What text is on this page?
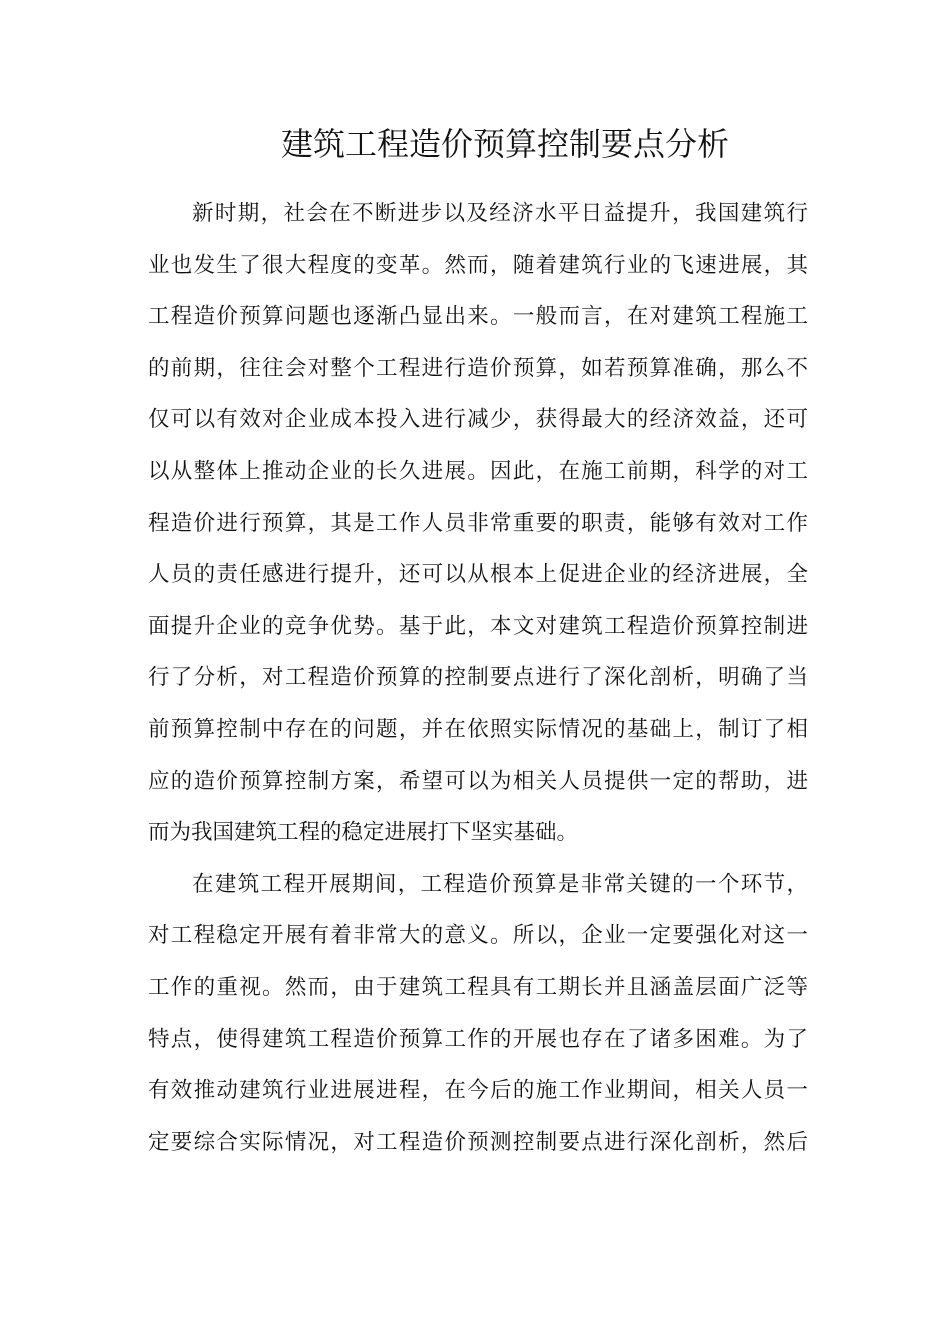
建筑工程造价预算控制要点分析
新时期，社会在不断进步以及经济水平日益提升，我国建筑行
业也发生了很大程度的变革。然而，随着建筑行业的飞速进展，其
工程造价预算问题也逐渐凸显出来。一般而言，在对建筑工程施工
的前期，往往会对整个工程进行造价预算，如若预算准确，那么不
仅可以有效对企业成本投入进行减少，获得最大的经济效益，还可
以从整体上推动企业的长久进展。因此，在施工前期，科学的对工
程造价进行预算，其是工作人员非常重要的职责，能够有效对工作
人员的责任感进行提升，还可以从根本上促进企业的经济进展，全
面提升企业的竞争优势。基于此，本文对建筑工程造价预算控制进
行了分析，对工程造价预算的控制要点进行了深化剖析，明确了当
前预算控制中存在的问题，并在依照实际情况的基础上，制订了相
应的造价预算控制方案，希望可以为相关人员提供一定的帮助，进
而为我国建筑工程的稳定进展打下坚实基础。
在建筑工程开展期间，工程造价预算是非常关键的一个环节，
对工程稳定开展有着非常大的意义。所以，企业一定要强化对这一
工作的重视。然而，由于建筑工程具有工期长并且涵盖层面广泛等
特点，使得建筑工程造价预算工作的开展也存在了诸多困难。为了
有效推动建筑行业进展进程，在今后的施工作业期间，相关人员一
定要综合实际情况，对工程造价预测控制要点进行深化剖析，然后
